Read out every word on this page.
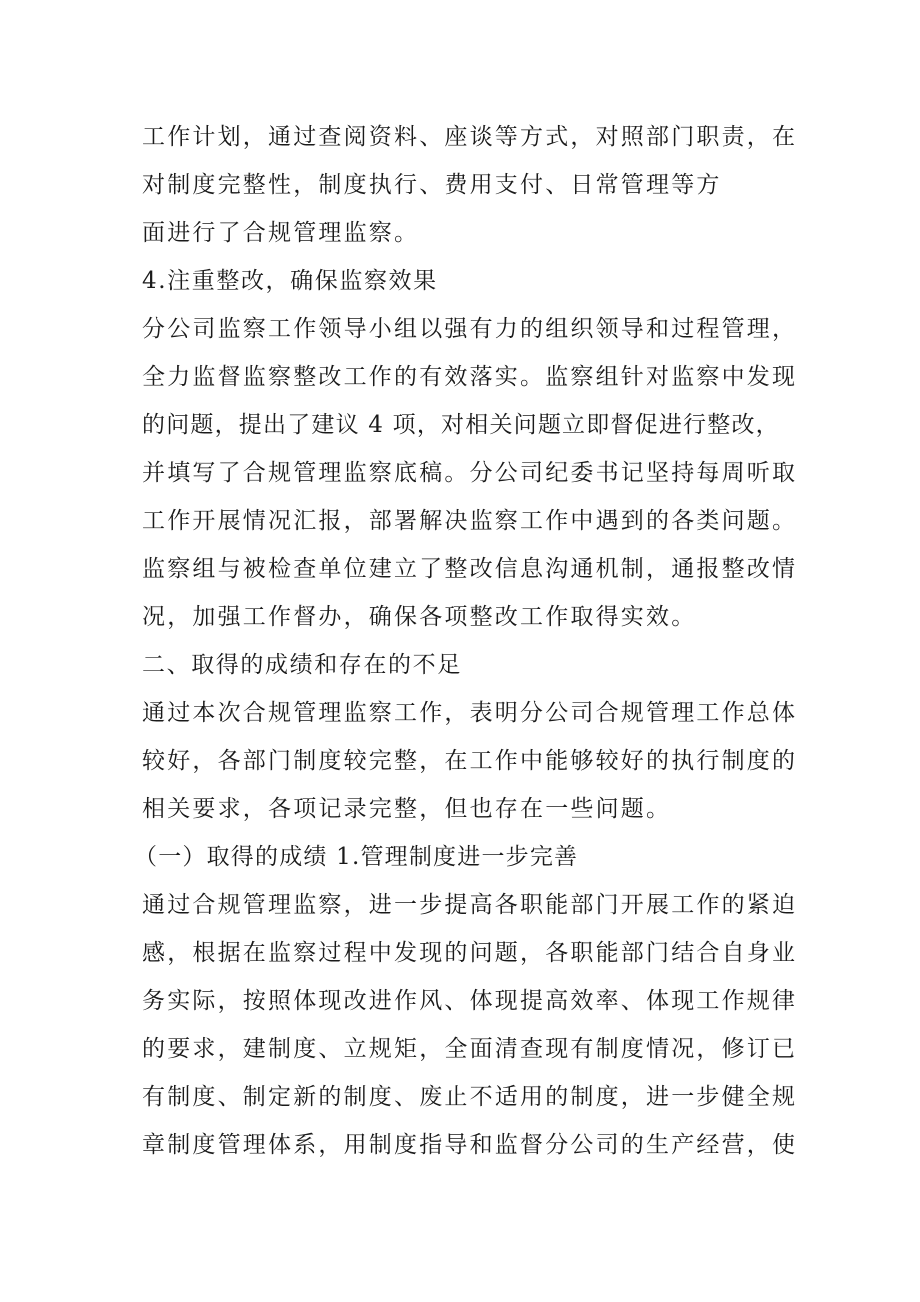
工作计划，通过查阅资料、座谈等方式，对照部门职责，在
对制度完整性，制度执行、费用支付、日常管理等方
面进行了合规管理监察。
4.注重整改，确保监察效果
分公司监察工作领导小组以强有力的组织领导和过程管理，
全力监督监察整改工作的有效落实。监察组针对监察中发现
的问题，提出了建议 4 项，对相关问题立即督促进行整改，
并填写了合规管理监察底稿。分公司纪委书记坚持每周听取
工作开展情况汇报，部署解决监察工作中遇到的各类问题。
监察组与被检查单位建立了整改信息沟通机制，通报整改情
况，加强工作督办，确保各项整改工作取得实效。
二、取得的成绩和存在的不足
通过本次合规管理监察工作，表明分公司合规管理工作总体
较好，各部门制度较完整，在工作中能够较好的执行制度的
相关要求，各项记录完整，但也存在一些问题。
（一）取得的成绩 1.管理制度进一步完善
通过合规管理监察，进一步提高各职能部门开展工作的紧迫
感，根据在监察过程中发现的问题，各职能部门结合自身业
务实际，按照体现改进作风、体现提高效率、体现工作规律
的要求，建制度、立规矩，全面清查现有制度情况，修订已
有制度、制定新的制度、废止不适用的制度，进一步健全规
章制度管理体系，用制度指导和监督分公司的生产经营，使
